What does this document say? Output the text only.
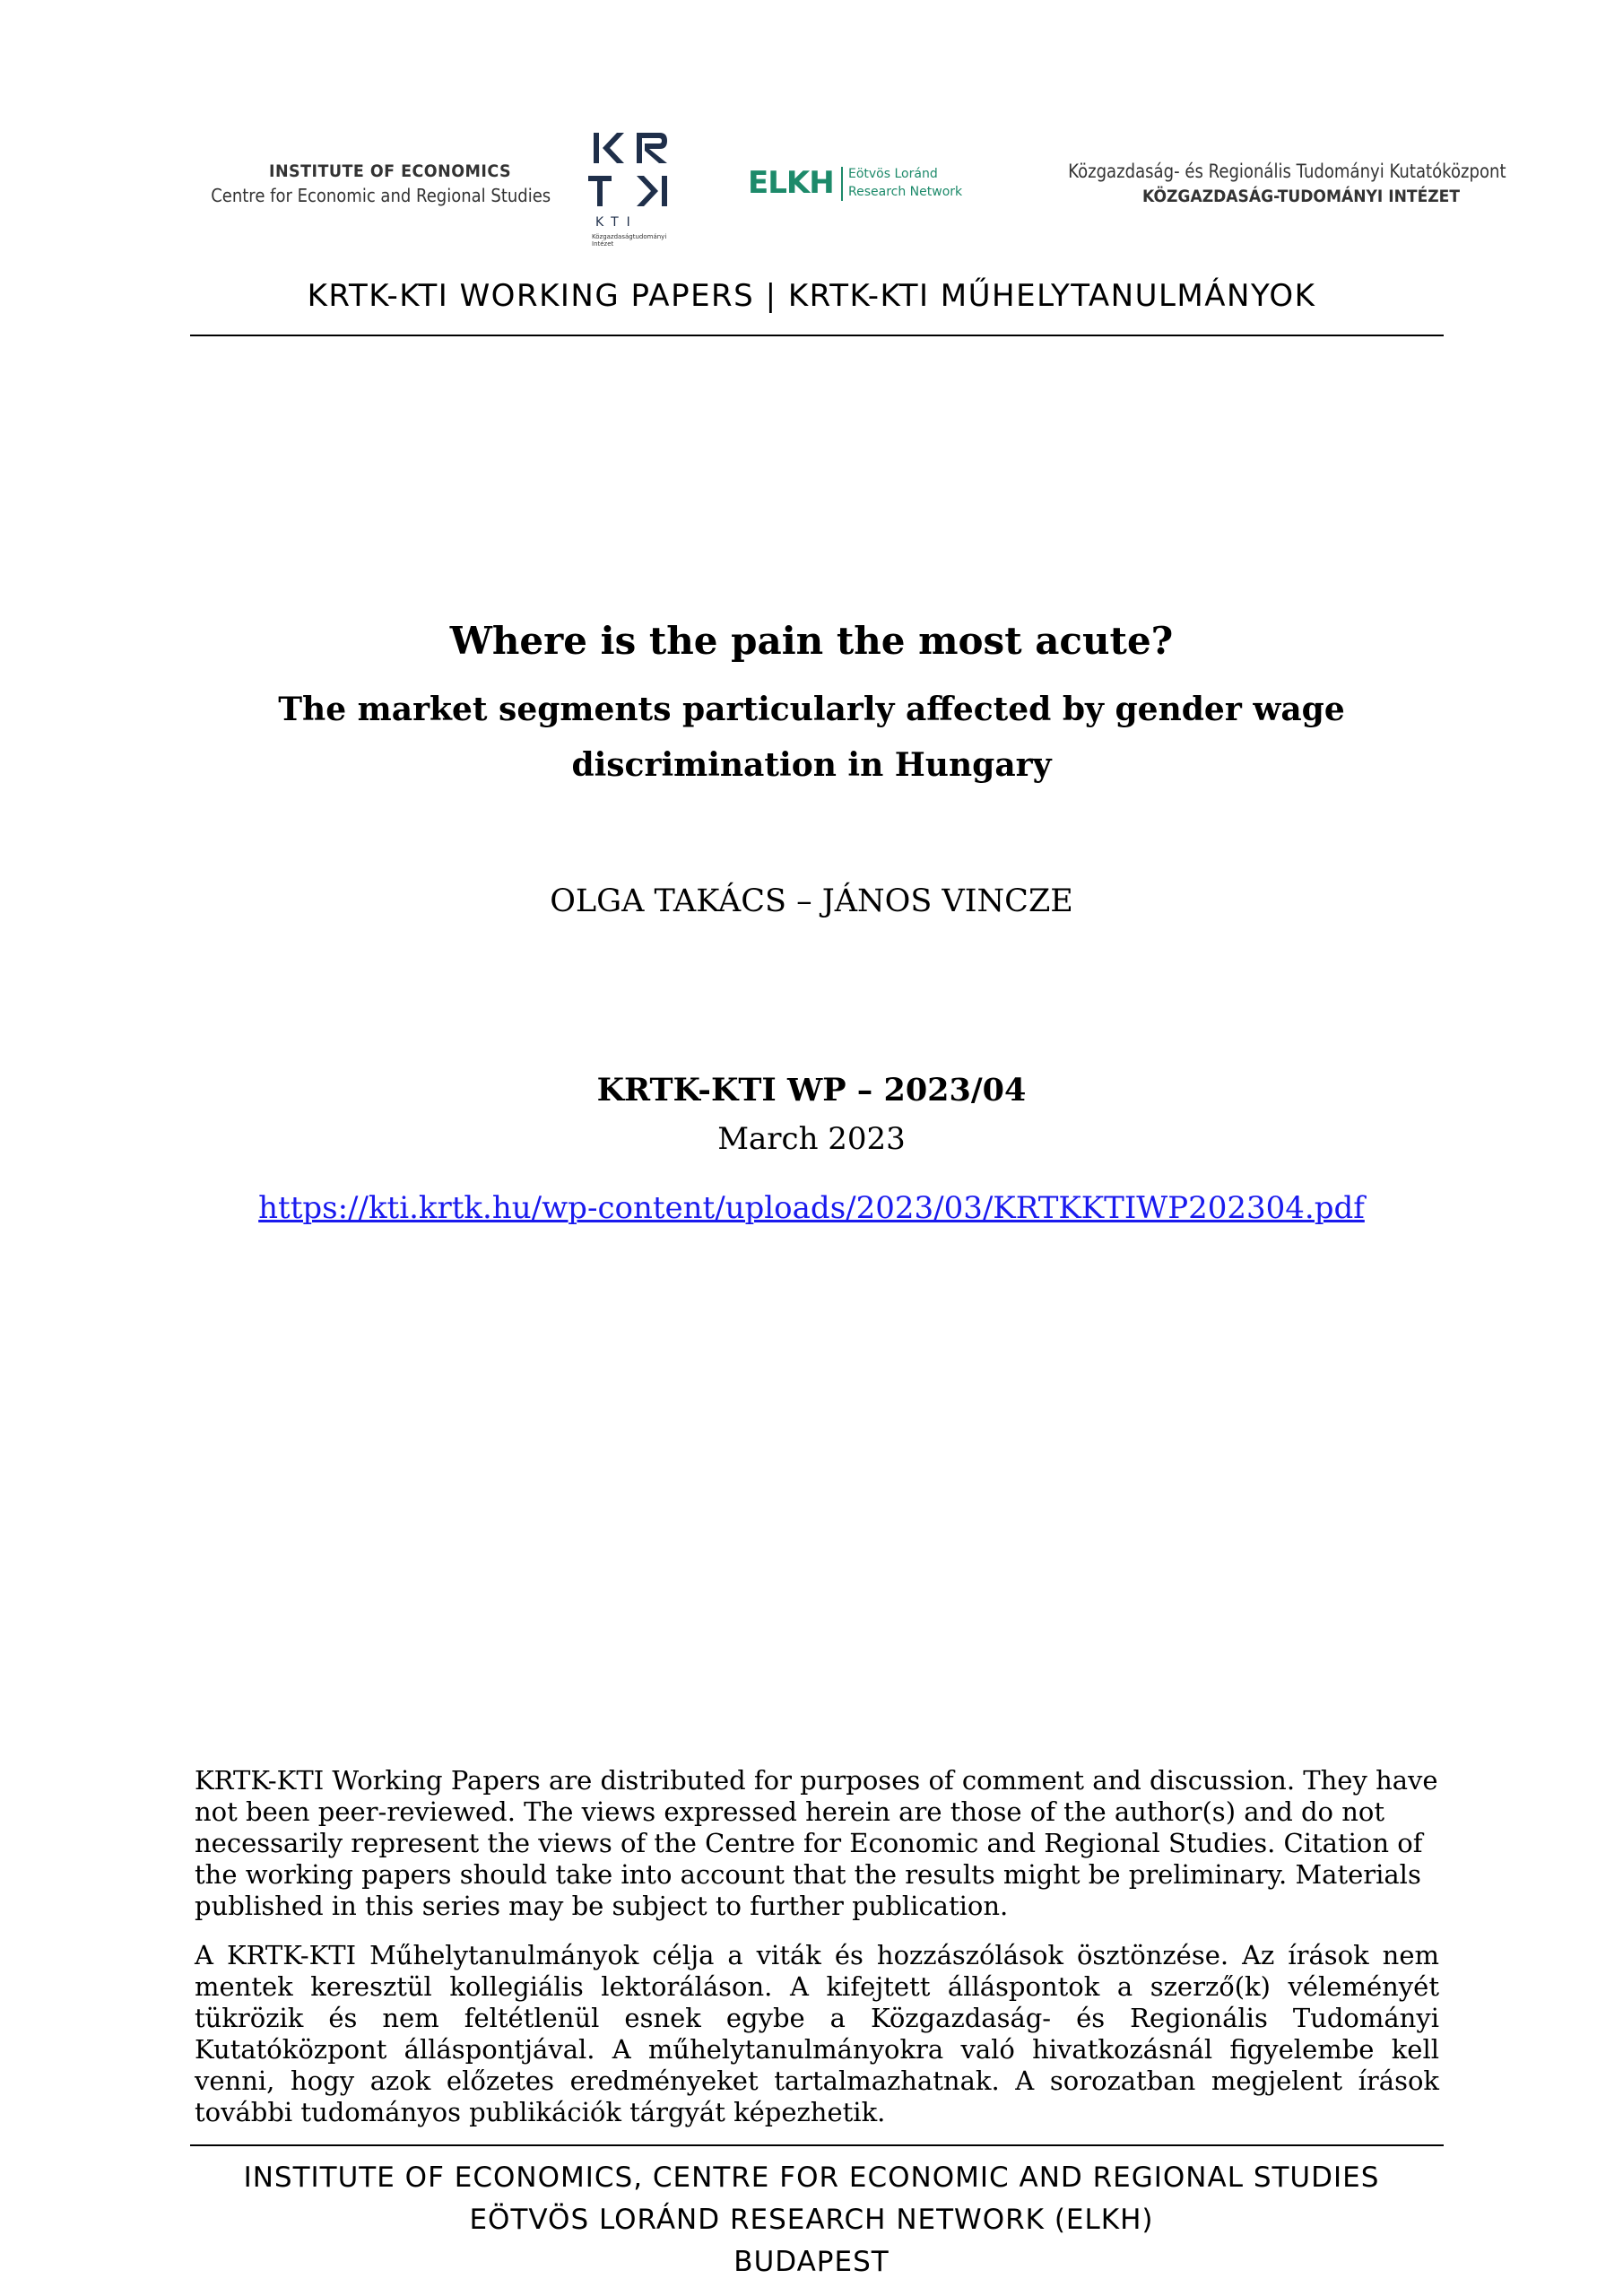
INSTITUTE OF ECONOMICS
Centre for Economic and Regional Studies
KTI
Közgazdaságtudományi Intézet
ELKH Eötvös Loránd
Research Network
Közgazdaság- és Regionális Tudományi Kutatóközpont
KÖZGAZDASÁG-TUDOMÁNYI INTÉZET
KRTK-KTI WORKING PAPERS | KRTK-KTI MŰHELYTANULMÁNYOK
Where is the pain the most acute?
The market segments particularly affected by gender wage discrimination in Hungary
OLGA TAKÁCS – JÁNOS VINCZE
KRTK-KTI WP – 2023/04
March 2023
https://kti.krtk.hu/wp-content/uploads/2023/03/KRTKKTIWP202304.pdf
KRTK-KTI Working Papers are distributed for purposes of comment and discussion. They have not been peer-reviewed. The views expressed herein are those of the author(s) and do not necessarily represent the views of the Centre for Economic and Regional Studies. Citation of the working papers should take into account that the results might be preliminary. Materials published in this series may be subject to further publication.
A KRTK-KTI Műhelytanulmányok célja a viták és hozzászólások ösztönzése. Az írások nem mentek keresztül kollegiális lektoráláson. A kifejtett álláspontok a szerző(k) véleményét tükrözik és nem feltétlenül esnek egybe a Közgazdaság- és Regionális Tudományi Kutatóközpont álláspontjával. A műhelytanulmányokra való hivatkozásnál figyelembe kell venni, hogy azok előzetes eredményeket tartalmazhatnak. A sorozatban megjelent írások további tudományos publikációk tárgyát képezhetik.
INSTITUTE OF ECONOMICS, CENTRE FOR ECONOMIC AND REGIONAL STUDIES
EÖTVÖS LORÁND RESEARCH NETWORK (ELKH)
BUDAPEST
